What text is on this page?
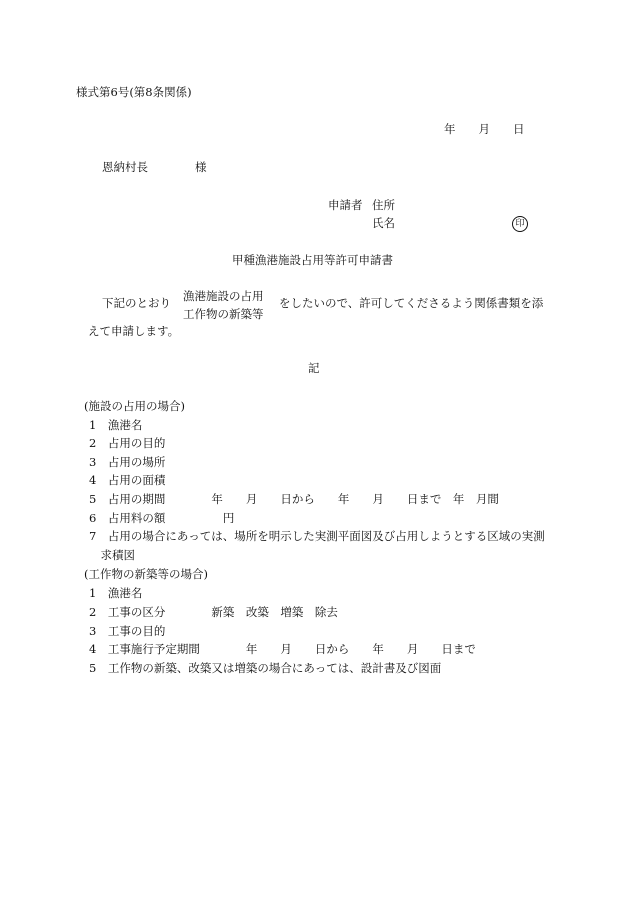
様式第6号(第8条関係)
年　　月　　日
恩納村長	様
申請者 住所
氏名	印
甲種漁港施設占用等許可申請書
下記のとおり 漁港施設の占用
工作物の新築等
をしたいので、許可してくださるよう関係書類を添
えて申請します。
記
(施設の占用の場合)
1　漁港名
2　占用の目的
3　占用の場所
4　占用の面積
5　占用の期間　　　　年　　月　　日から　　年　　月　　日まで　年　月間
6　占用料の額　　　　　円
7　占用の場合にあっては、場所を明示した実測平面図及び占用しようとする区域の実測
　求積図
(工作物の新築等の場合)
1　漁港名
2　工事の区分　　　　新築　改築　増築　除去
3　工事の目的
4　工事施行予定期間　　　　年　　月　　日から　　年　　月　　日まで
5　工作物の新築、改築又は増築の場合にあっては、設計書及び図面
